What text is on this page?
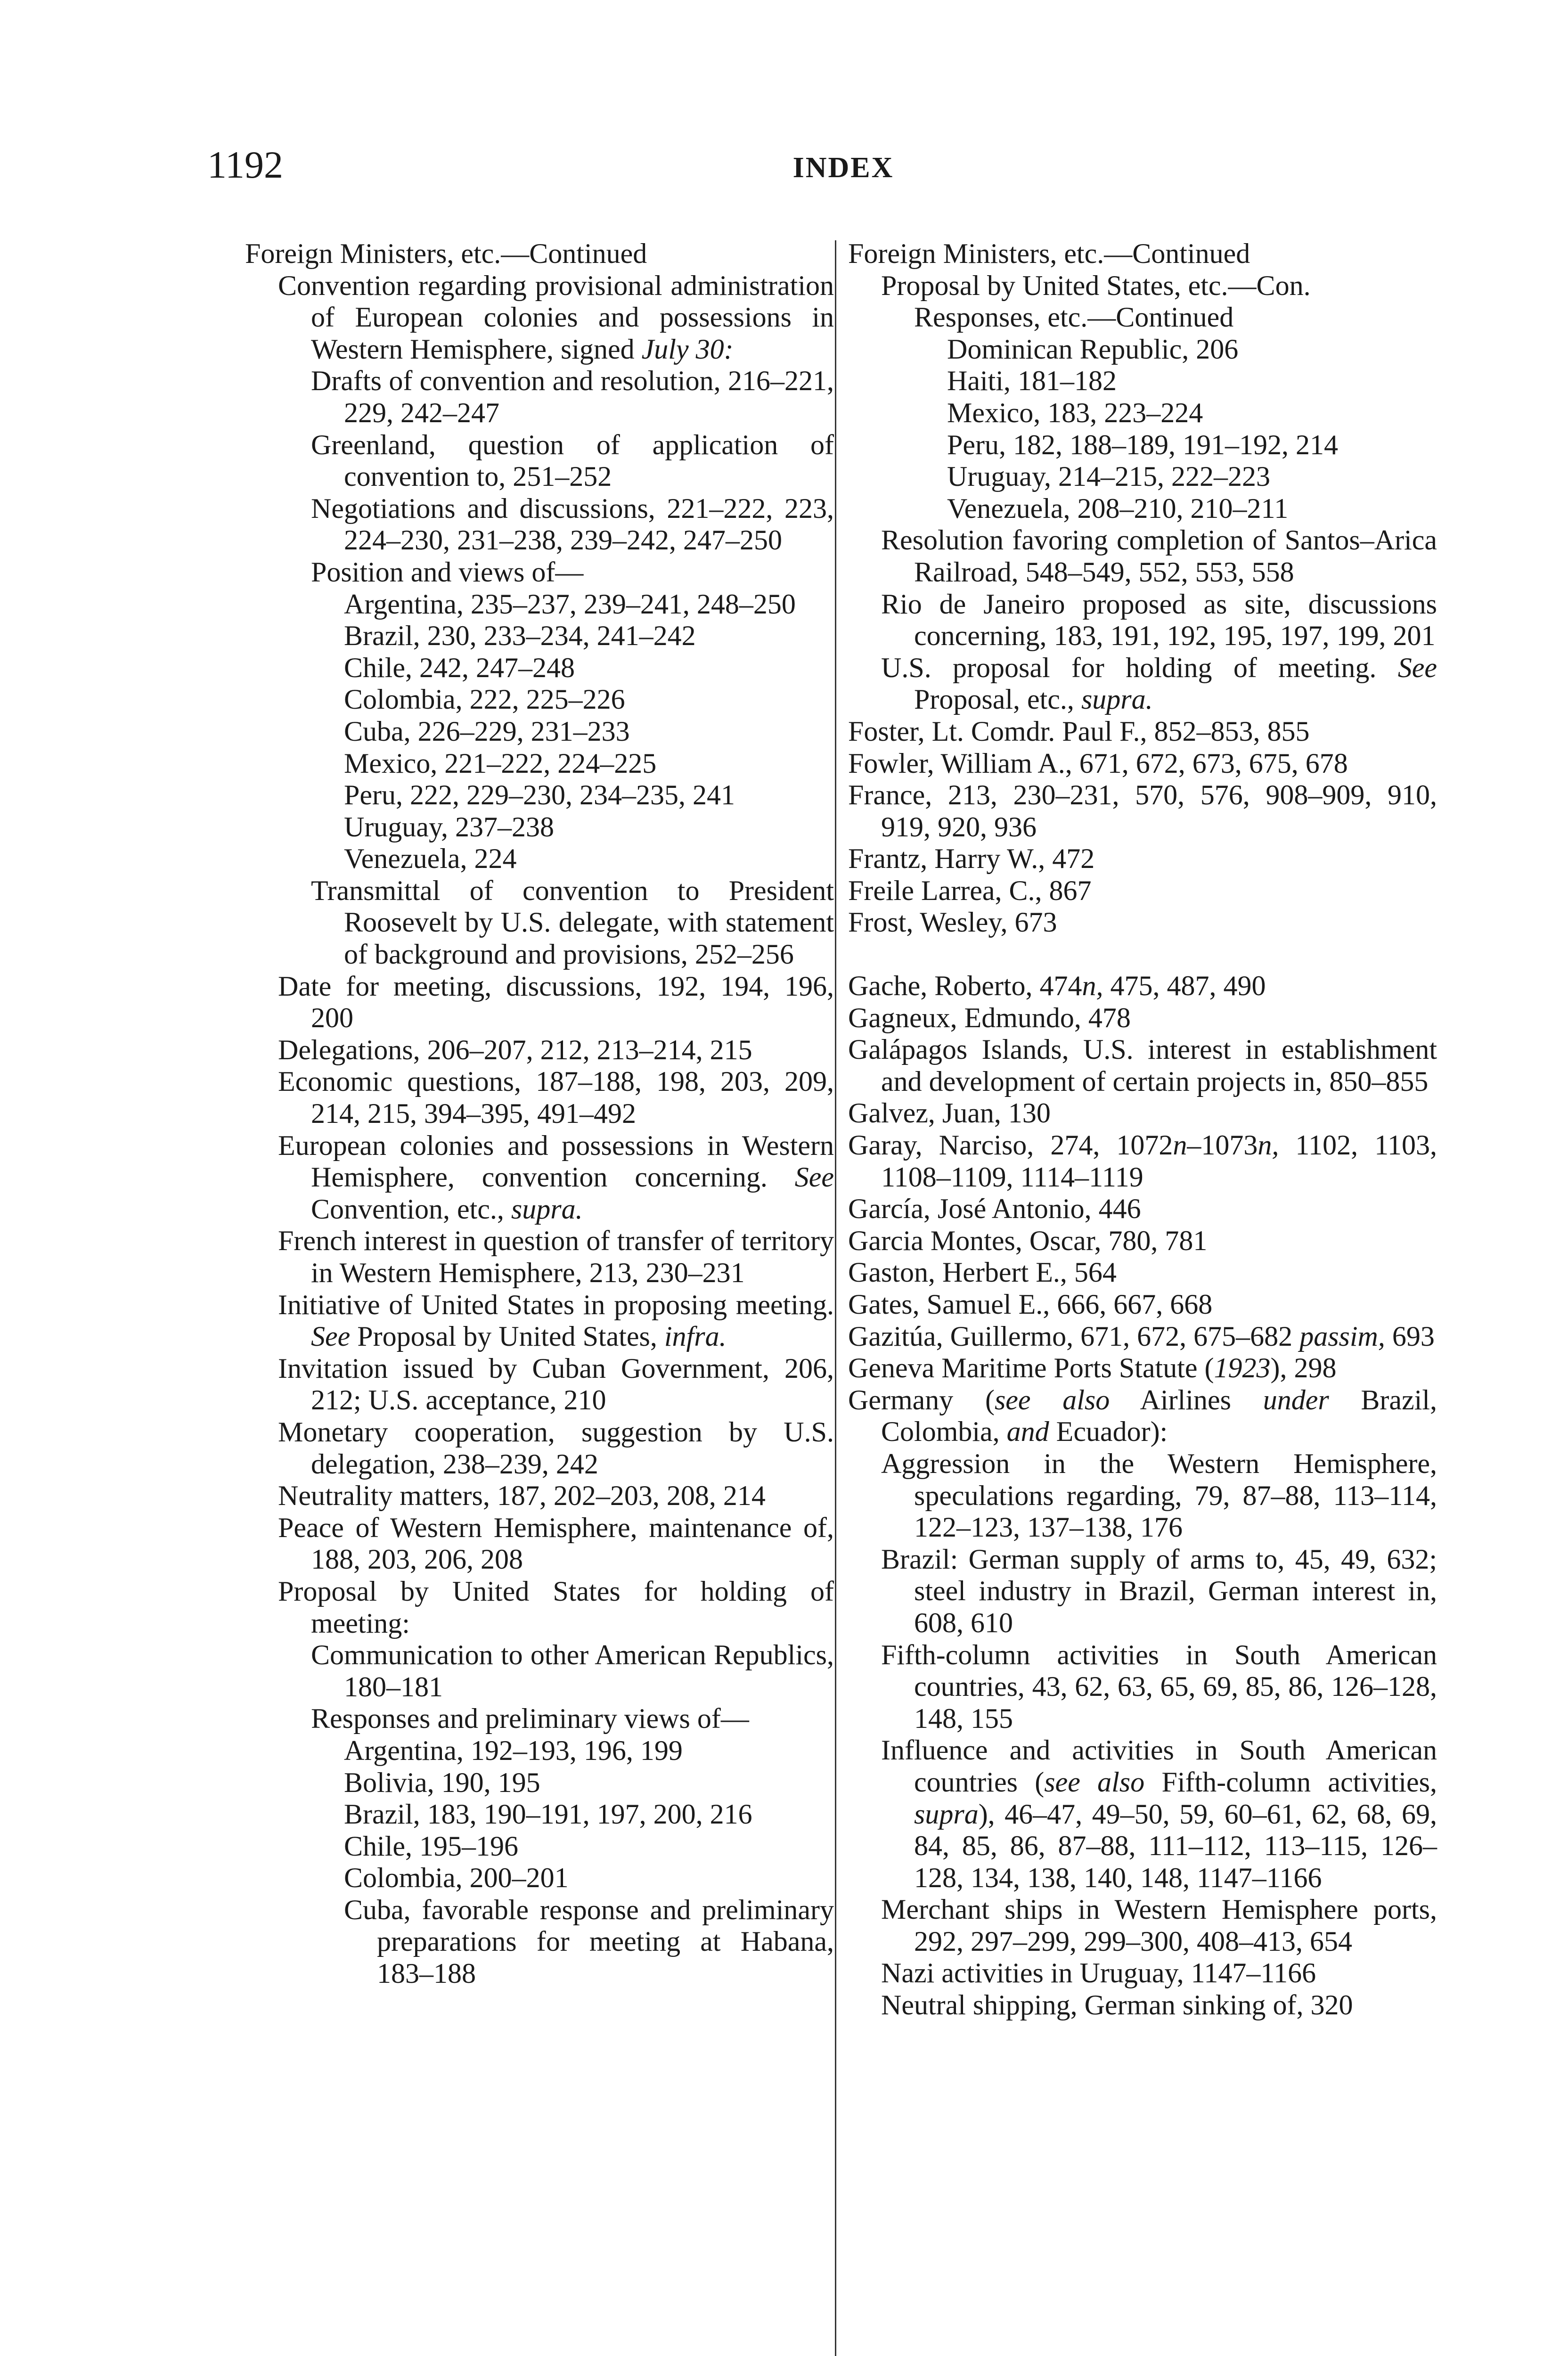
1192	INDEX
Foreign Ministers, etc.—Continued
Convention regarding provisional administration of European colonies and possessions in Western Hemisphere, signed July 30:
Drafts of convention and resolution, 216–221, 229, 242–247
Greenland, question of application of convention to, 251–252
Negotiations and discussions, 221–222, 223, 224–230, 231–238, 239–242, 247–250
Position and views of—
Argentina, 235–237, 239–241, 248–250
Brazil, 230, 233–234, 241–242
Chile, 242, 247–248
Colombia, 222, 225–226
Cuba, 226–229, 231–233
Mexico, 221–222, 224–225
Peru, 222, 229–230, 234–235, 241
Uruguay, 237–238
Venezuela, 224
Transmittal of convention to President Roosevelt by U.S. delegate, with statement of background and provisions, 252–256
Date for meeting, discussions, 192, 194, 196, 200
Delegations, 206–207, 212, 213–214, 215
Economic questions, 187–188, 198, 203, 209, 214, 215, 394–395, 491–492
European colonies and possessions in Western Hemisphere, convention concerning. See Convention, etc., supra.
French interest in question of transfer of territory in Western Hemisphere, 213, 230–231
Initiative of United States in proposing meeting. See Proposal by United States, infra.
Invitation issued by Cuban Government, 206, 212; U.S. acceptance, 210
Monetary cooperation, suggestion by U.S. delegation, 238–239, 242
Neutrality matters, 187, 202–203, 208, 214
Peace of Western Hemisphere, maintenance of, 188, 203, 206, 208
Proposal by United States for holding of meeting:
Communication to other American Republics, 180–181
Responses and preliminary views of—
Argentina, 192–193, 196, 199
Bolivia, 190, 195
Brazil, 183, 190–191, 197, 200, 216
Chile, 195–196
Colombia, 200–201
Cuba, favorable response and preliminary preparations for meeting at Habana, 183–188
Foreign Ministers, etc.—Continued
Proposal by United States, etc.—Con.
Responses, etc.—Continued
Dominican Republic, 206
Haiti, 181–182
Mexico, 183, 223–224
Peru, 182, 188–189, 191–192, 214
Uruguay, 214–215, 222–223
Venezuela, 208–210, 210–211
Resolution favoring completion of Santos–Arica Railroad, 548–549, 552, 553, 558
Rio de Janeiro proposed as site, discussions concerning, 183, 191, 192, 195, 197, 199, 201
U.S. proposal for holding of meeting. See Proposal, etc., supra.
Foster, Lt. Comdr. Paul F., 852–853, 855
Fowler, William A., 671, 672, 673, 675, 678
France, 213, 230–231, 570, 576, 908–909, 910, 919, 920, 936
Frantz, Harry W., 472
Freile Larrea, C., 867
Frost, Wesley, 673
Gache, Roberto, 474n, 475, 487, 490
Gagneux, Edmundo, 478
Galápagos Islands, U.S. interest in establishment and development of certain projects in, 850–855
Galvez, Juan, 130
Garay, Narciso, 274, 1072n–1073n, 1102, 1103, 1108–1109, 1114–1119
García, José Antonio, 446
Garcia Montes, Oscar, 780, 781
Gaston, Herbert E., 564
Gates, Samuel E., 666, 667, 668
Gazitúa, Guillermo, 671, 672, 675–682 passim, 693
Geneva Maritime Ports Statute (1923), 298
Germany (see also Airlines under Brazil, Colombia, and Ecuador):
Aggression in the Western Hemisphere, speculations regarding, 79, 87–88, 113–114, 122–123, 137–138, 176
Brazil: German supply of arms to, 45, 49, 632; steel industry in Brazil, German interest in, 608, 610
Fifth-column activities in South American countries, 43, 62, 63, 65, 69, 85, 86, 126–128, 148, 155
Influence and activities in South American countries (see also Fifth-column activities, supra), 46–47, 49–50, 59, 60–61, 62, 68, 69, 84, 85, 86, 87–88, 111–112, 113–115, 126–128, 134, 138, 140, 148, 1147–1166
Merchant ships in Western Hemisphere ports, 292, 297–299, 299–300, 408–413, 654
Nazi activities in Uruguay, 1147–1166
Neutral shipping, German sinking of, 320
